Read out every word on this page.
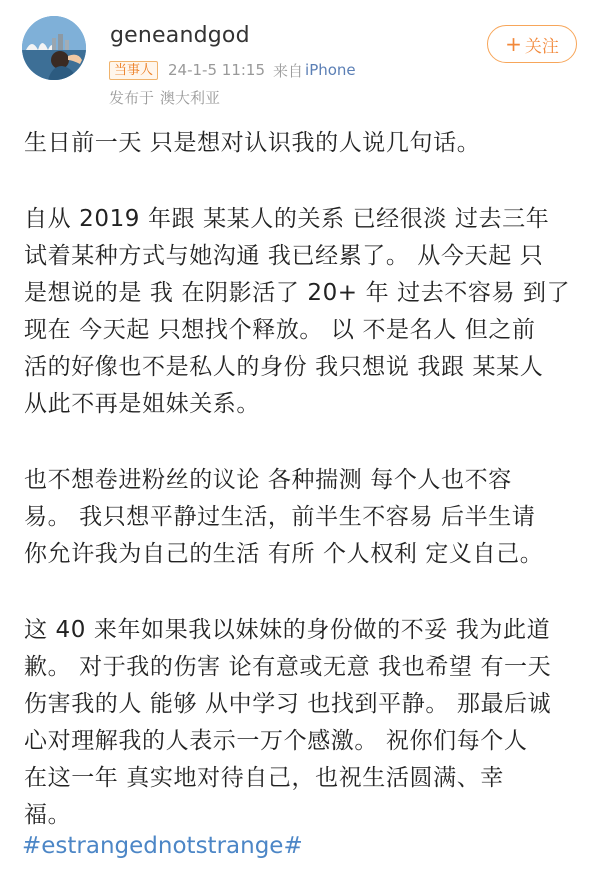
geneandgod
当事人	24-1-5 11:15 来自 iPhone
发布于 澳大利亚
+ 关注

生日前一天 只是想对认识我的人说几句话。

自从 2019 年跟 某某人的关系 已经很淡 过去三年
试着某种方式与她沟通 我已经累了。 从今天起 只
是想说的是 我 在阴影活了 20+ 年 过去不容易 到了
现在 今天起 只想找个释放。 以 不是名人 但之前
活的好像也不是私人的身份 我只想说 我跟 某某人
从此不再是姐妹关系。

也不想卷进粉丝的议论 各种揣测 每个人也不容
易。 我只想平静过生活，前半生不容易 后半生请
你允许我为自己的生活 有所 个人权利 定义自己。

这 40 来年如果我以妹妹的身份做的不妥 我为此道
歉。 对于我的伤害 论有意或无意 我也希望 有一天
伤害我的人 能够 从中学习 也找到平静。 那最后诚
心对理解我的人表示一万个感激。 祝你们每个人
在这一年 真实地对待自己，也祝生活圆满、幸
福。

#estrangednotstrange#
